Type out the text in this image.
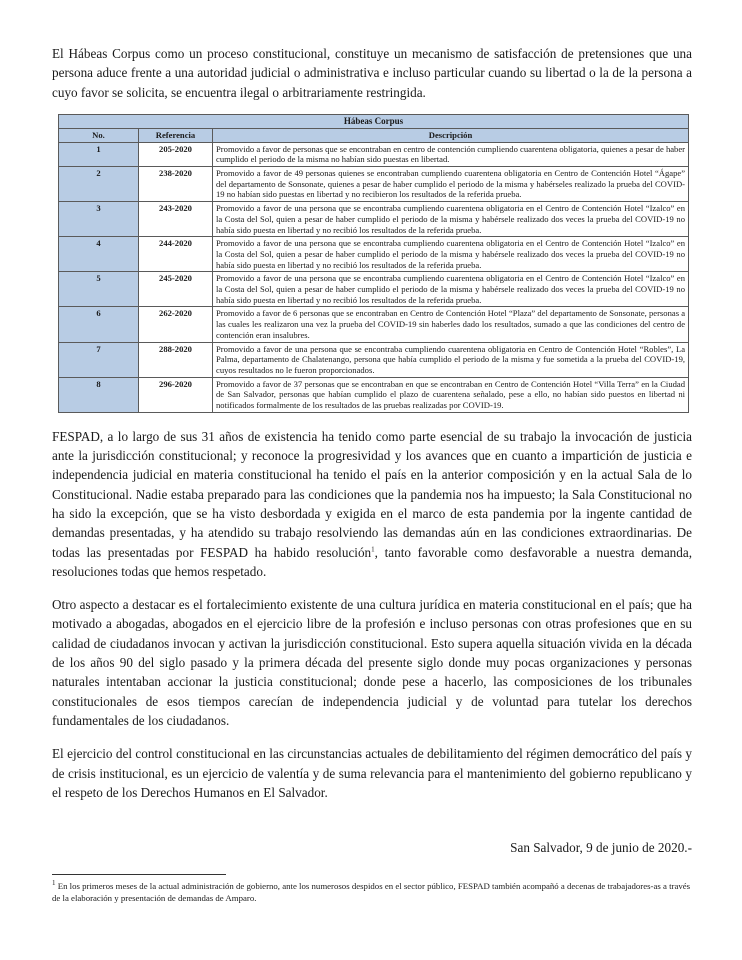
El Hábeas Corpus como un proceso constitucional, constituye un mecanismo de satisfacción de pretensiones que una persona aduce frente a una autoridad judicial o administrativa e incluso particular cuando su libertad o la de la persona a cuyo favor se solicita, se encuentra ilegal o arbitrariamente restringida.

Hábeas Corpus		
No.	Referencia	Descripción
1	205-2020	Promovido a favor de personas que se encontraban en centro de contención cumpliendo cuarentena obligatoria, quienes a pesar de haber cumplido el periodo de la misma no habían sido puestas en libertad.
2	238-2020	Promovido a favor de 49 personas quienes se encontraban cumpliendo cuarentena obligatoria en Centro de Contención Hotel “Ágape” del departamento de Sonsonate, quienes a pesar de haber cumplido el periodo de la misma y habérseles realizado la prueba del COVID-19 no habían sido puestas en libertad y no recibieron los resultados de la referida prueba.
3	243-2020	Promovido a favor de una persona que se encontraba cumpliendo cuarentena obligatoria en el Centro de Contención Hotel “Izalco” en la Costa del Sol, quien a pesar de haber cumplido el periodo de la misma y habérsele realizado dos veces la prueba del COVID-19 no había sido puesta en libertad y no recibió los resultados de la referida prueba.
4	244-2020	Promovido a favor de una persona que se encontraba cumpliendo cuarentena obligatoria en el Centro de Contención Hotel “Izalco” en la Costa del Sol, quien a pesar de haber cumplido el periodo de la misma y habérsele realizado dos veces la prueba del COVID-19 no había sido puesta en libertad y no recibió los resultados de la referida prueba.
5	245-2020	Promovido a favor de una persona que se encontraba cumpliendo cuarentena obligatoria en el Centro de Contención Hotel “Izalco” en la Costa del Sol, quien a pesar de haber cumplido el periodo de la misma y habérsele realizado dos veces la prueba del COVID-19 no había sido puesta en libertad y no recibió los resultados de la referida prueba.
6	262-2020	Promovido a favor de 6 personas que se encontraban en Centro de Contención Hotel “Plaza” del departamento de Sonsonate, personas a las cuales les realizaron una vez la prueba del COVID-19 sin haberles dado los resultados, sumado a que las condiciones del centro de contención eran insalubres.
7	288-2020	Promovido a favor de una persona que se encontraba cumpliendo cuarentena obligatoria en Centro de Contención Hotel “Robles”, La Palma, departamento de Chalatenango, persona que había cumplido el periodo de la misma y fue sometida a la prueba del COVID-19, cuyos resultados no le fueron proporcionados.
8	296-2020	Promovido a favor de 37 personas que se encontraban en que se encontraban en Centro de Contención Hotel “Villa Terra” en la Ciudad de San Salvador, personas que habían cumplido el plazo de cuarentena señalado, pese a ello, no habían sido puestos en libertad ni notificados formalmente de los resultados de las pruebas realizadas por COVID-19.

FESPAD, a lo largo de sus 31 años de existencia ha tenido como parte esencial de su trabajo la invocación de justicia ante la jurisdicción constitucional; y reconoce la progresividad y los avances que en cuanto a impartición de justicia e independencia judicial en materia constitucional ha tenido el país en la anterior composición y en la actual Sala de lo Constitucional. Nadie estaba preparado para las condiciones que la pandemia nos ha impuesto; la Sala Constitucional no ha sido la excepción, que se ha visto desbordada y exigida en el marco de esta pandemia por la ingente cantidad de demandas presentadas, y ha atendido su trabajo resolviendo las demandas aún en las condiciones extraordinarias. De todas las presentadas por FESPAD ha habido resolución$^1$, tanto favorable como desfavorable a nuestra demanda, resoluciones todas que hemos respetado.

Otro aspecto a destacar es el fortalecimiento existente de una cultura jurídica en materia constitucional en el país; que ha motivado a abogadas, abogados en el ejercicio libre de la profesión e incluso personas con otras profesiones que en su calidad de ciudadanos invocan y activan la jurisdicción constitucional. Esto supera aquella situación vivida en la década de los años 90 del siglo pasado y la primera década del presente siglo donde muy pocas organizaciones y personas naturales intentaban accionar la justicia constitucional; donde pese a hacerlo, las composiciones de los tribunales constitucionales de esos tiempos carecían de independencia judicial y de voluntad para tutelar los derechos fundamentales de los ciudadanos.

El ejercicio del control constitucional en las circunstancias actuales de debilitamiento del régimen democrático del país y de crisis institucional, es un ejercicio de valentía y de suma relevancia para el mantenimiento del gobierno republicano y el respeto de los Derechos Humanos en El Salvador.

San Salvador, 9 de junio de 2020.-
$^1$ En los primeros meses de la actual administración de gobierno, ante los numerosos despidos en el sector público, FESPAD también acompañó a decenas de trabajadores-as a través de la elaboración y presentación de demandas de Amparo.
